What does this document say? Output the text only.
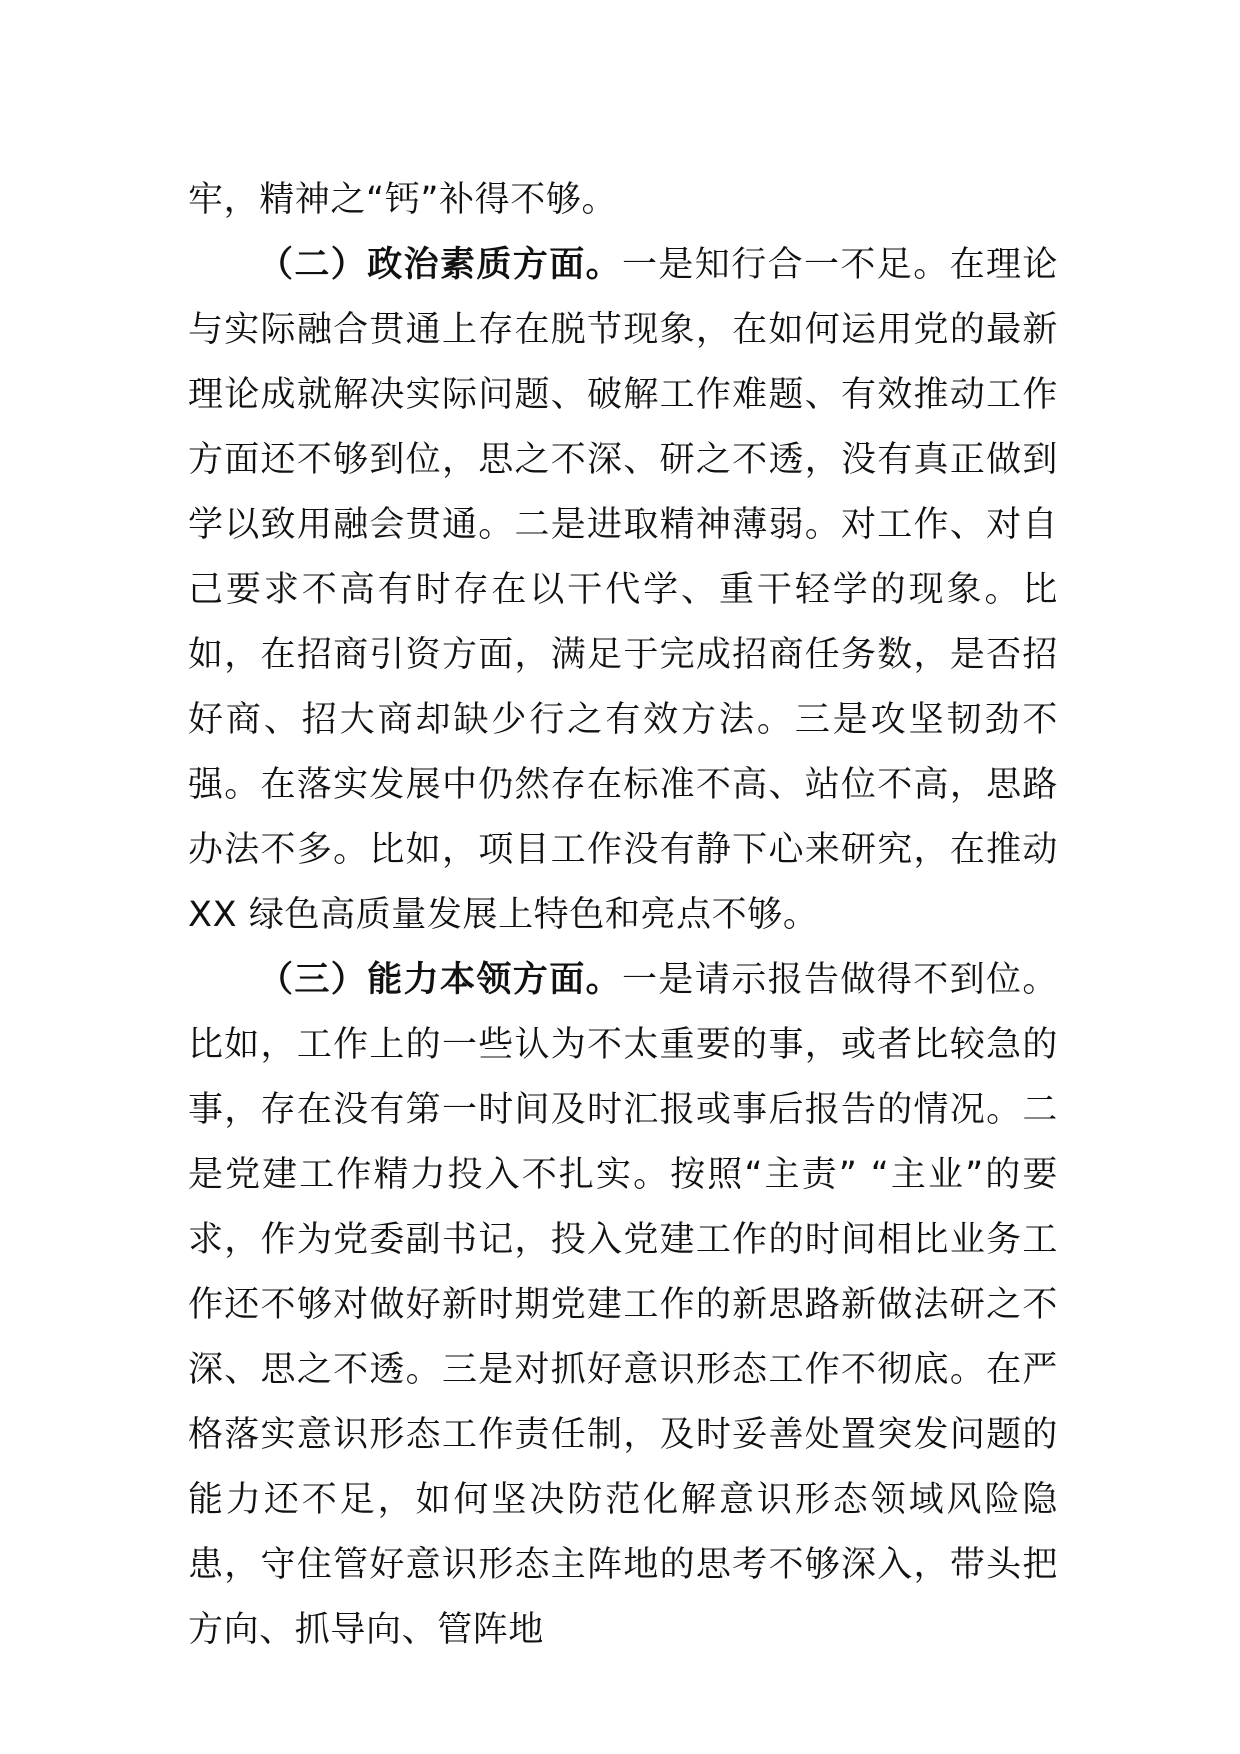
牢，精神之“钙”补得不够。

（二）政治素质方面。一是知行合一不足。在理论与实际融合贯通上存在脱节现象，在如何运用党的最新理论成就解决实际问题、破解工作难题、有效推动工作方面还不够到位，思之不深、研之不透，没有真正做到学以致用融会贯通。二是进取精神薄弱。对工作、对自己要求不高有时存在以干代学、重干轻学的现象。比如，在招商引资方面，满足于完成招商任务数，是否招好商、招大商却缺少行之有效方法。三是攻坚韧劲不强。在落实发展中仍然存在标准不高、站位不高，思路办法不多。比如，项目工作没有静下心来研究，在推动 XX 绿色高质量发展上特色和亮点不够。

（三）能力本领方面。一是请示报告做得不到位。比如，工作上的一些认为不太重要的事，或者比较急的事，存在没有第一时间及时汇报或事后报告的情况。二是党建工作精力投入不扎实。按照“主责” “主业”的要求，作为党委副书记，投入党建工作的时间相比业务工作还不够对做好新时期党建工作的新思路新做法研之不深、思之不透。三是对抓好意识形态工作不彻底。在严格落实意识形态工作责任制，及时妥善处置突发问题的能力还不足，如何坚决防范化解意识形态领域风险隐患，守住管好意识形态主阵地的思考不够深入，带头把方向、抓导向、管阵地
